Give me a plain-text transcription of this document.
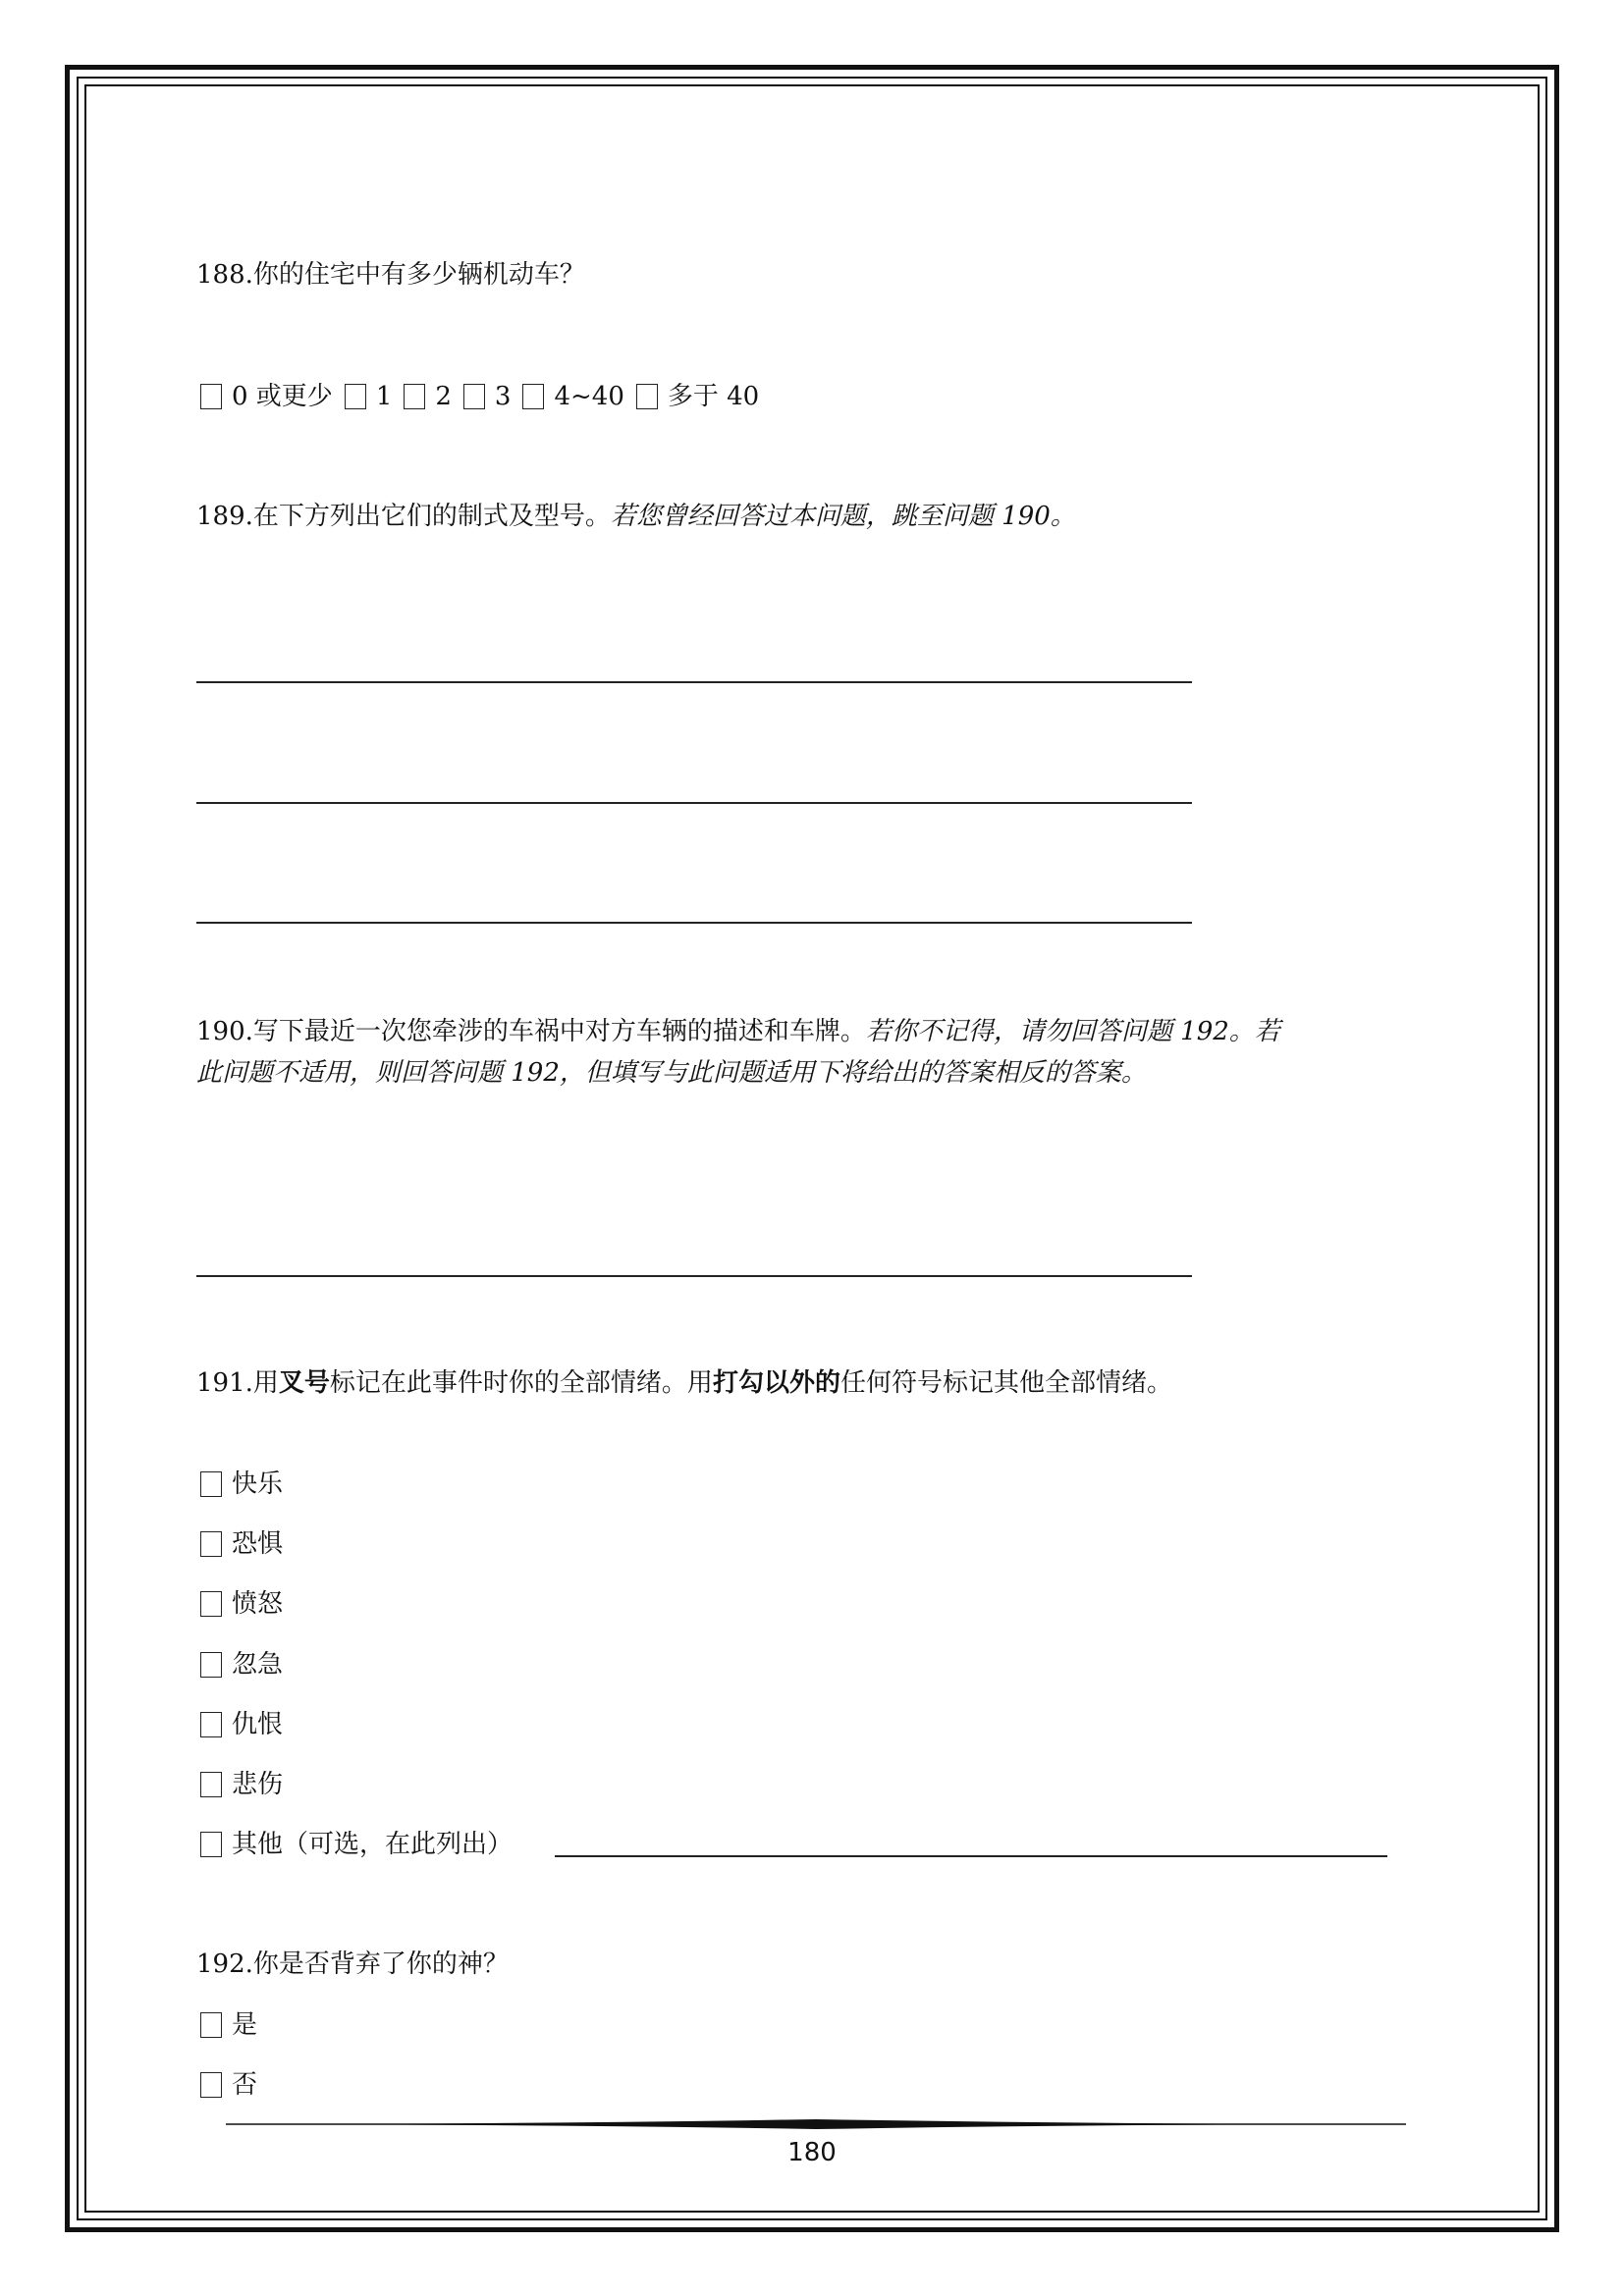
188.你的住宅中有多少辆机动车？
0 或更少 1 2 3 4~40 多于 40
189.在下方列出它们的制式及型号。若您曾经回答过本问题，跳至问题 190。
190.写下最近一次您牵涉的车祸中对方车辆的描述和车牌。若你不记得，请勿回答问题 192。若
此问题不适用，则回答问题 192，但填写与此问题适用下将给出的答案相反的答案。
191.用叉号标记在此事件时你的全部情绪。用打勾以外的任何符号标记其他全部情绪。
快乐
恐惧
愤怒
忽急
仇恨
悲伤
其他（可选，在此列出）
192.你是否背弃了你的神？
是
否
180
